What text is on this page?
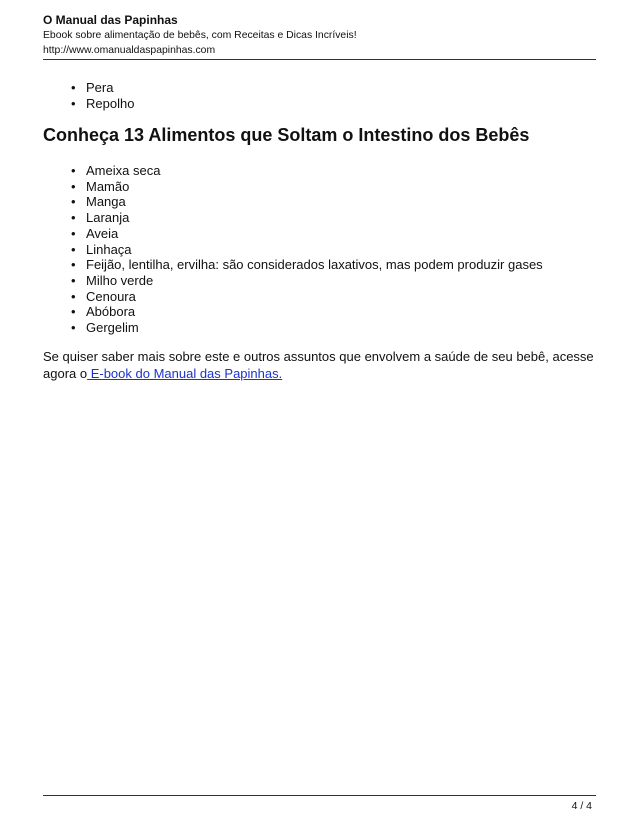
O Manual das Papinhas

Ebook sobre alimentação de bebês, com Receitas e Dicas Incríveis!

http://www.omanualdaspapinhas.com

• Pera
• Repolho
Conheça 13 Alimentos que Soltam o Intestino dos Bebês
• Ameixa seca
• Mamão
• Manga
• Laranja
• Aveia
• Linhaça
• Feijão, lentilha, ervilha: são considerados laxativos, mas podem produzir gases
• Milho verde
• Cenoura
• Abóbora
• Gergelim

Se quiser saber mais sobre este e outros assuntos que envolvem a saúde de seu bebê, acesse agora o E-book do Manual das Papinhas.

4 / 4
